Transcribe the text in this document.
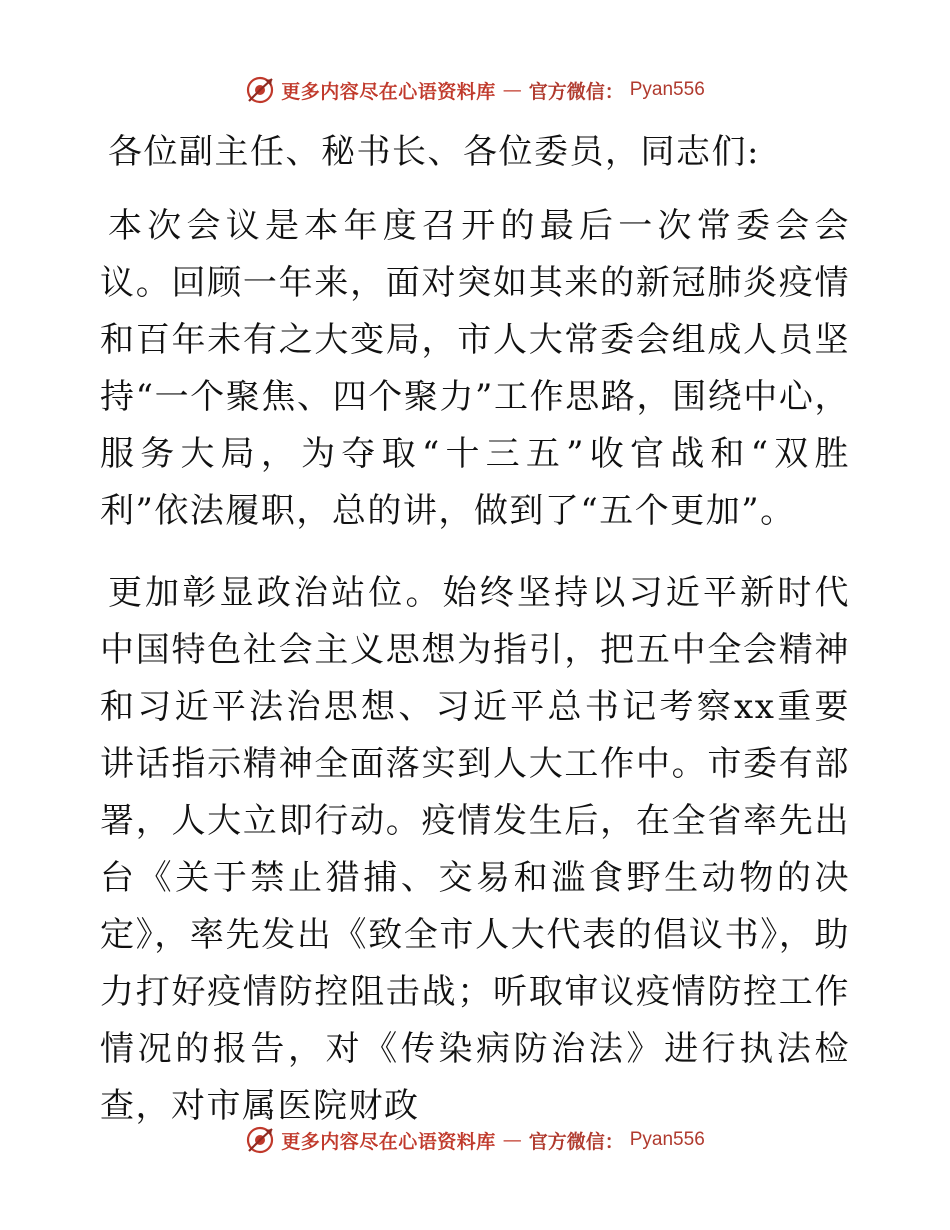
更多内容尽在心语资料库 — 官方微信： Pyan556

各位副主任、秘书长、各位委员，同志们:

本次会议是本年度召开的最后一次常委会会议。回顾一年来，面对突如其来的新冠肺炎疫情和百年未有之大变局，市人大常委会组成人员坚持“一个聚焦、四个聚力”工作思路，围绕中心，服务大局，为夺取“十三五”收官战和“双胜利”依法履职，总的讲，做到了“五个更加”。

更加彰显政治站位。始终坚持以习近平新时代中国特色社会主义思想为指引，把五中全会精神和习近平法治思想、习近平总书记考察xx重要讲话指示精神全面落实到人大工作中。市委有部署，人大立即行动。疫情发生后，在全省率先出台《关于禁止猎捕、交易和滥食野生动物的决定》，率先发出《致全市人大代表的倡议书》，助力打好疫情防控阻击战；听取审议疫情防控工作情况的报告，对《传染病防治法》进行执法检查，对市属医院财政

更多内容尽在心语资料库 — 官方微信： Pyan556
